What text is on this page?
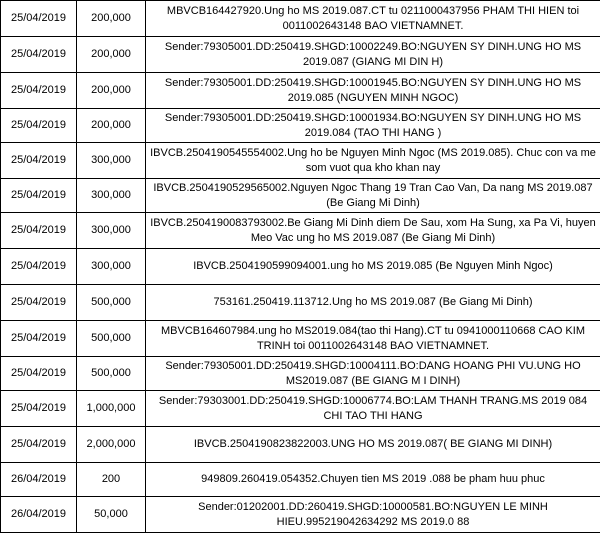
25/04/2019	200,000	MBVCB164427920.Ung ho MS 2019.087.CT tu 0211000437956 PHAM THI HIEN toi 0011002643148 BAO VIETNAMNET.
25/04/2019	200,000	Sender:79305001.DD:250419.SHGD:10002249.BO:NGUYEN SY DINH.UNG HO MS 2019.087 (GIANG MI DIN H)
25/04/2019	200,000	Sender:79305001.DD:250419.SHGD:10001945.BO:NGUYEN SY DINH.UNG HO MS 2019.085 (NGUYEN MINH NGOC)
25/04/2019	200,000	Sender:79305001.DD:250419.SHGD:10001934.BO:NGUYEN SY DINH.UNG HO MS 2019.084 (TAO THI HANG )
25/04/2019	300,000	IBVCB.2504190545554002.Ung ho be Nguyen Minh Ngoc (MS 2019.085). Chuc con va me som vuot qua kho khan nay
25/04/2019	300,000	IBVCB.2504190529565002.Nguyen Ngoc Thang 19 Tran Cao Van, Da nang MS 2019.087 (Be Giang Mi Dinh)
25/04/2019	300,000	IBVCB.2504190083793002.Be Giang Mi Dinh diem De Sau, xom Ha Sung, xa Pa Vi, huyen Meo Vac ung ho MS 2019.087 (Be Giang Mi Dinh)
25/04/2019	300,000	IBVCB.2504190599094001.ung ho MS 2019.085 (Be Nguyen Minh Ngoc)
25/04/2019	500,000	753161.250419.113712.Ung ho MS 2019.087 (Be Giang Mi Dinh)
25/04/2019	500,000	MBVCB164607984.ung ho MS2019.084(tao thi Hang).CT tu 0941000110668 CAO KIM TRINH toi 0011002643148 BAO VIETNAMNET.
25/04/2019	500,000	Sender:79305001.DD:250419.SHGD:10004111.BO:DANG HOANG PHI VU.UNG HO MS2019.087 (BE GIANG M I DINH)
25/04/2019	1,000,000	Sender:79303001.DD:250419.SHGD:10006774.BO:LAM THANH TRANG.MS 2019 084 CHI TAO THI HANG
25/04/2019	2,000,000	IBVCB.2504190823822003.UNG HO MS 2019.087( BE GIANG MI DINH)
26/04/2019	200	949809.260419.054352.Chuyen tien MS 2019 .088 be pham huu phuc
26/04/2019	50,000	Sender:01202001.DD:260419.SHGD:10000581.BO:NGUYEN LE MINH HIEU.995219042634292 MS 2019.0 88
